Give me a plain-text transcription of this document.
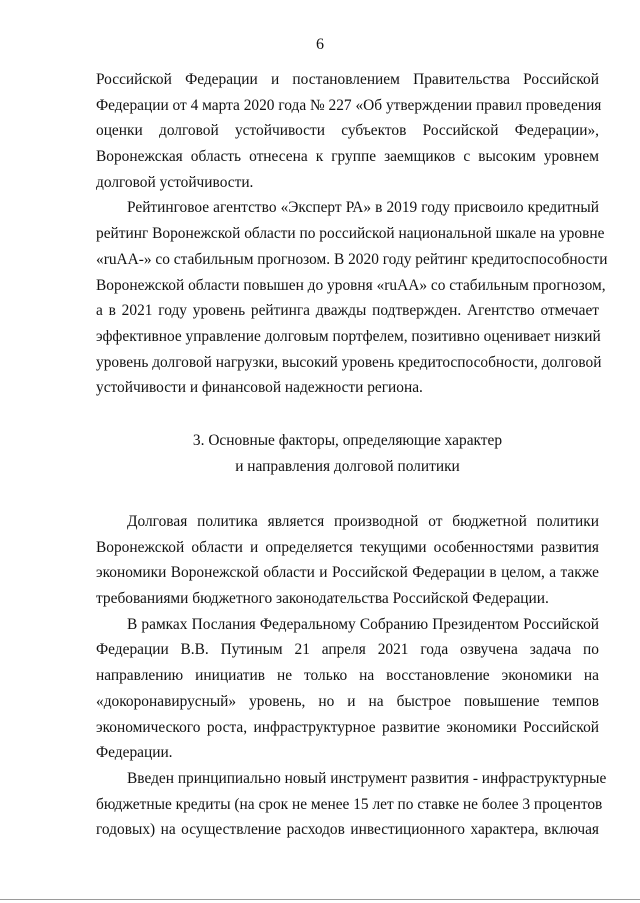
6
Российской Федерации и постановлением Правительства Российской
Федерации от 4 марта 2020 года № 227 «Об утверждении правил проведения
оценки долговой устойчивости субъектов Российской Федерации»,
Воронежская область отнесена к группе заемщиков с высоким уровнем
долговой устойчивости.
Рейтинговое агентство «Эксперт РА» в 2019 году присвоило кредитный
рейтинг Воронежской области по российской национальной шкале на уровне
«ruAA-» со стабильным прогнозом. В 2020 году рейтинг кредитоспособности
Воронежской области повышен до уровня «ruAA» со стабильным прогнозом,
а в 2021 году уровень рейтинга дважды подтвержден. Агентство отмечает
эффективное управление долговым портфелем, позитивно оценивает низкий
уровень долговой нагрузки, высокий уровень кредитоспособности, долговой
устойчивости и финансовой надежности региона.
3. Основные факторы, определяющие характер
и направления долговой политики
Долговая политика является производной от бюджетной политики
Воронежской области и определяется текущими особенностями развития
экономики Воронежской области и Российской Федерации в целом, а также
требованиями бюджетного законодательства Российской Федерации.
В рамках Послания Федеральному Собранию Президентом Российской
Федерации В.В. Путиным 21 апреля 2021 года озвучена задача по
направлению инициатив не только на восстановление экономики на
«докоронавирусный» уровень, но и на быстрое повышение темпов
экономического роста, инфраструктурное развитие экономики Российской
Федерации.
Введен принципиально новый инструмент развития - инфраструктурные
бюджетные кредиты (на срок не менее 15 лет по ставке не более 3 процентов
годовых) на осуществление расходов инвестиционного характера, включая
